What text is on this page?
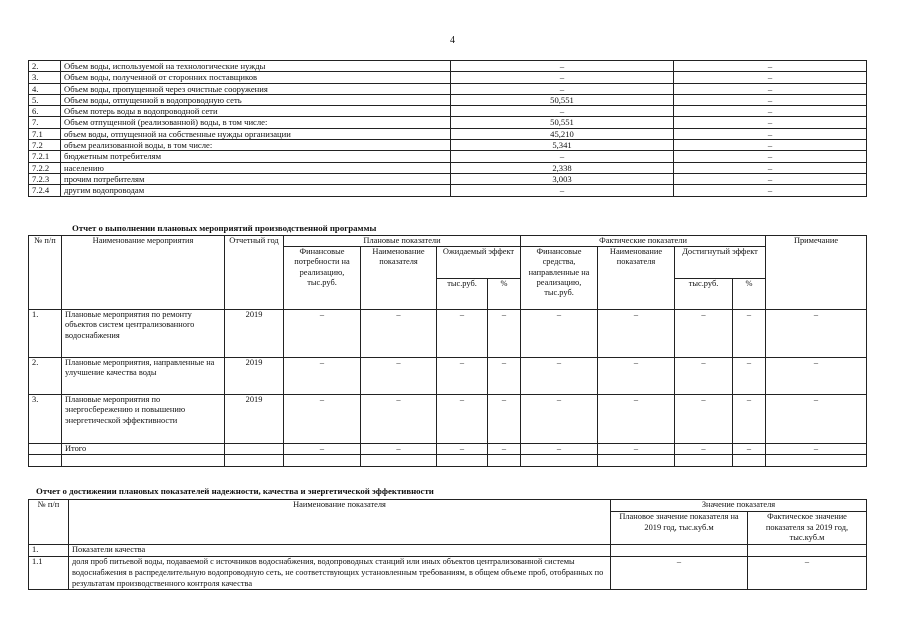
4
2.	Объем воды, используемой на технологические нужды	–	–
3.	Объем воды, полученной от сторонних поставщиков	–	–
4.	Объем воды, пропущенной через очистные сооружения	–	–
5.	Объем воды, отпущенной в водопроводную сеть	50,551	–
6.	Объем потерь воды в водопроводной сети	–	–
7.	Объем отпущенной (реализованной) воды, в том числе:	50,551	–
7.1	объем воды, отпущенной на собственные нужды организации	45,210	–
7.2	объем реализованной воды, в том числе:	5,341	–
7.2.1	бюджетным потребителям	–	–
7.2.2	населению	2,338	–
7.2.3	прочим потребителям	3,003	–
7.2.4	другим водопроводам	–	–
Отчет о выполнении плановых мероприятий производственной программы
№ п/п	Наименование мероприятия	Отчетный год	Плановые показатели				Фактические показатели				Примечание
			Финансовые потребности на реализацию, тыс.руб.	Наименование показателя	Ожидаемый эффект		Финансовые средства, направленные на реализацию, тыс.руб.	Наименование показателя	Достигнутый эффект		
					тыс.руб.	%			тыс.руб.	%	
1.	Плановые мероприятия по ремонту объектов систем централизованного водоснабжения	2019	–	–	–	–	–	–	–	–	–
2.	Плановые мероприятия, направленные на улучшение качества воды	2019	–	–	–	–	–	–	–	–	–
3.	Плановые мероприятия по энергосбережению и повышению энергетической эффективности	2019	–	–	–	–	–	–	–	–	–
	Итого		–	–	–	–	–	–	–	–	–

Отчет о достижении плановых показателей надежности, качества и энергетической эффективности
№ п/п	Наименование показателя	Значение показателя	
		Плановое значение показателя на 2019 год, тыс.куб.м	Фактическое значение показателя за 2019 год, тыс.куб.м
1.	Показатели качества		
1.1	доля проб питьевой воды, подаваемой с источников водоснабжения, водопроводных станций или иных объектов централизованной системы водоснабжения в распределительную водопроводную сеть, не соответствующих установленным требованиям, в общем объеме проб, отобранных по результатам производственного контроля качества	–	–
